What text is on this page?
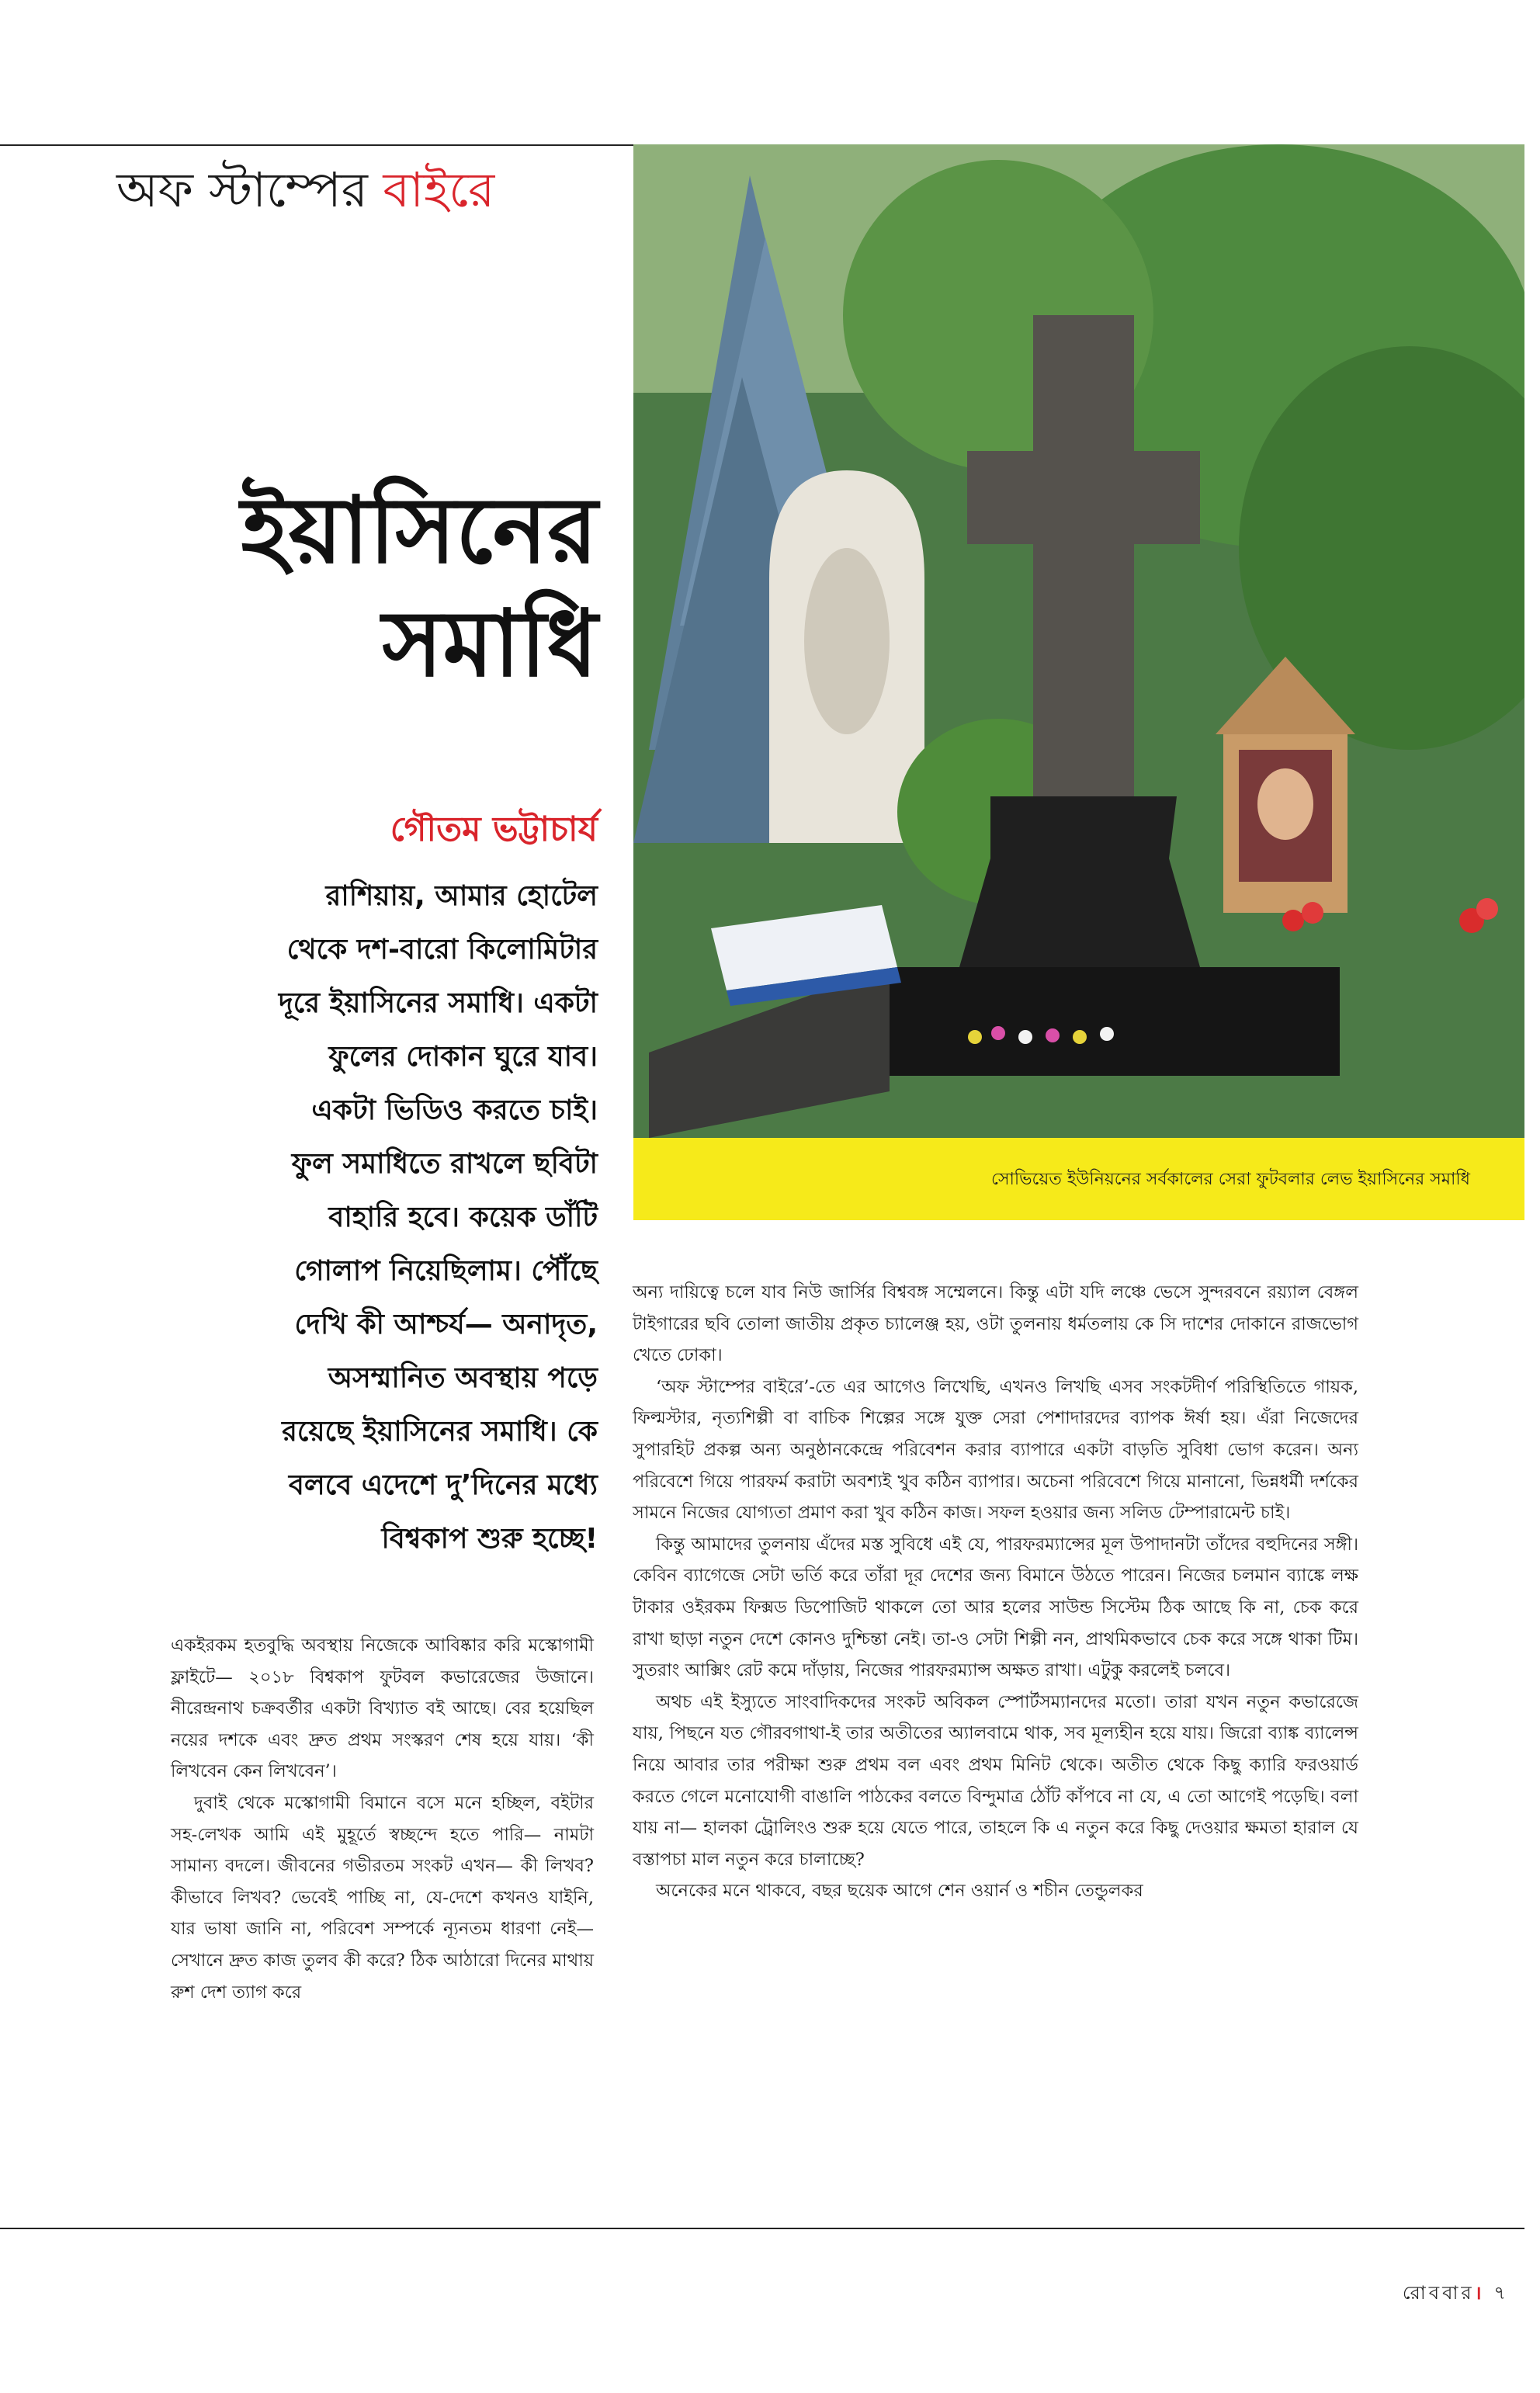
অফ স্টাম্পের বাইরে
ইয়াসিনের
সমাধি
গৌতম ভট্টাচার্য
রাশিয়ায়, আমার হোটেল
থেকে দশ-বারো কিলোমিটার
দূরে ইয়াসিনের সমাধি। একটা
ফুলের দোকান ঘুরে যাব।
একটা ভিডিও করতে চাই।
ফুল সমাধিতে রাখলে ছবিটা
বাহারি হবে। কয়েক ডাঁটি
গোলাপ নিয়েছিলাম। পৌঁছে
দেখি কী আশ্চর্য— অনাদৃত,
অসম্মানিত অবস্থায় পড়ে
রয়েছে ইয়াসিনের সমাধি। কে
বলবে এদেশে দু’দিনের মধ্যে
বিশ্বকাপ শুরু হচ্ছে!

একইরকম হতবুদ্ধি অবস্থায় নিজেকে আবিষ্কার করি মস্কোগামী ফ্লাইটে— ২০১৮ বিশ্বকাপ ফুটবল কভারেজের উজানে। নীরেন্দ্রনাথ চক্রবর্তীর একটা বিখ্যাত বই আছে। বের হয়েছিল নয়ের দশকে এবং দ্রুত প্রথম সংস্করণ শেষ হয়ে যায়। ‘কী লিখবেন কেন লিখবেন’।

দুবাই থেকে মস্কোগামী বিমানে বসে মনে হচ্ছিল, বইটার সহ-লেখক আমি এই মুহূর্তে স্বচ্ছন্দে হতে পারি— নামটা সামান্য বদলে। জীবনের গভীরতম সংকট এখন— কী লিখব? কীভাবে লিখব? ভেবেই পাচ্ছি না, যে-দেশে কখনও যাইনি, যার ভাষা জানি না, পরিবেশ সম্পর্কে ন্যূনতম ধারণা নেই— সেখানে দ্রুত কাজ তুলব কী করে? ঠিক আঠারো দিনের মাথায় রুশ দেশ ত্যাগ করে

সোভিয়েত ইউনিয়নের সর্বকালের সেরা ফুটবলার লেভ ইয়াসিনের সমাধি

অন্য দায়িত্বে চলে যাব নিউ জার্সির বিশ্ববঙ্গ সম্মেলনে। কিন্তু এটা যদি লঞ্চে ভেসে সুন্দরবনে রয়্যাল বেঙ্গল টাইগারের ছবি তোলা জাতীয় প্রকৃত চ্যালেঞ্জ হয়, ওটা তুলনায় ধর্মতলায় কে সি দাশের দোকানে রাজভোগ খেতে ঢোকা।

‘অফ স্টাম্পের বাইরে’-তে এর আগেও লিখেছি, এখনও লিখছি এসব সংকটদীর্ণ পরিস্থিতিতে গায়ক, ফিল্মস্টার, নৃত্যশিল্পী বা বাচিক শিল্পের সঙ্গে যুক্ত সেরা পেশাদারদের ব্যাপক ঈর্ষা হয়। এঁরা নিজেদের সুপারহিট প্রকল্প অন্য অনুষ্ঠানকেন্দ্রে পরিবেশন করার ব্যাপারে একটা বাড়তি সুবিধা ভোগ করেন। অন্য পরিবেশে গিয়ে পারফর্ম করাটা অবশ্যই খুব কঠিন ব্যাপার। অচেনা পরিবেশে গিয়ে মানানো, ভিন্নধর্মী দর্শকের সামনে নিজের যোগ্যতা প্রমাণ করা খুব কঠিন কাজ। সফল হওয়ার জন্য সলিড টেম্পারামেন্ট চাই।

কিন্তু আমাদের তুলনায় এঁদের মস্ত সুবিধে এই যে, পারফরম্যান্সের মূল উপাদানটা তাঁদের বহুদিনের সঙ্গী। কেবিন ব্যাগেজে সেটা ভর্তি করে তাঁরা দূর দেশের জন্য বিমানে উঠতে পারেন। নিজের চলমান ব্যাঙ্কে লক্ষ টাকার ওইরকম ফিক্সড ডিপোজিট থাকলে তো আর হলের সাউন্ড সিস্টেম ঠিক আছে কি না, চেক করে রাখা ছাড়া নতুন দেশে কোনও দুশ্চিন্তা নেই। তা-ও সেটা শিল্পী নন, প্রাথমিকভাবে চেক করে সঙ্গে থাকা টিম। সুতরাং আক্সিং রেট কমে দাঁড়ায়, নিজের পারফরম্যান্স অক্ষত রাখা। এটুকু করলেই চলবে।

অথচ এই ইস্যুতে সাংবাদিকদের সংকট অবিকল স্পোর্টসম্যানদের মতো। তারা যখন নতুন কভারেজে যায়, পিছনে যত গৌরবগাথা-ই তার অতীতের অ্যালবামে থাক, সব মূল্যহীন হয়ে যায়। জিরো ব্যাঙ্ক ব্যালেন্স নিয়ে আবার তার পরীক্ষা শুরু প্রথম বল এবং প্রথম মিনিট থেকে। অতীত থেকে কিছু ক্যারি ফরওয়ার্ড করতে গেলে মনোযোগী বাঙালি পাঠকের বলতে বিন্দুমাত্র ঠোঁট কাঁপবে না যে, এ তো আগেই পড়েছি। বলা যায় না— হালকা ট্রোলিংও শুরু হয়ে যেতে পারে, তাহলে কি এ নতুন করে কিছু দেওয়ার ক্ষমতা হারাল যে বস্তাপচা মাল নতুন করে চালাচ্ছে?

অনেকের মনে থাকবে, বছর ছয়েক আগে শেন ওয়ার্ন ও শচীন তেন্ডুলকর

রোববার। ৭
